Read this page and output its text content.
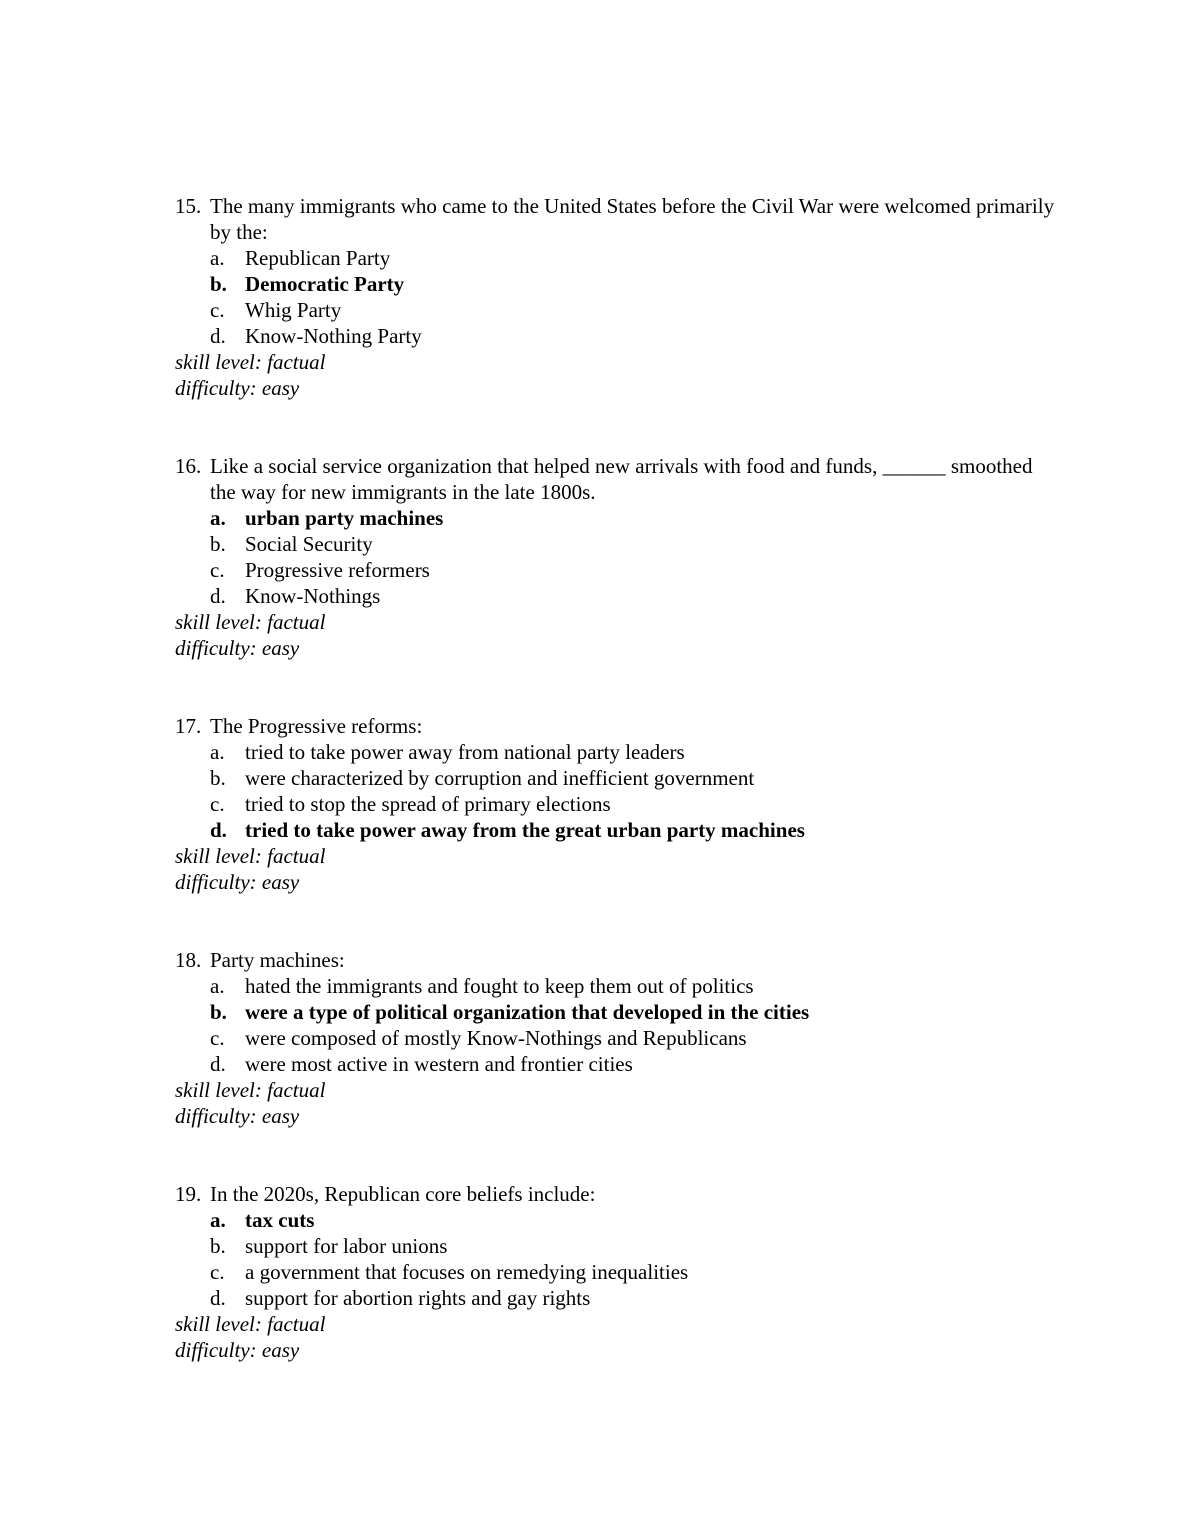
15. The many immigrants who came to the United States before the Civil War were welcomed primarily by the:
a. Republican Party
b. Democratic Party
c. Whig Party
d. Know-Nothing Party
skill level: factual
difficulty: easy
16. Like a social service organization that helped new arrivals with food and funds, ______ smoothed the way for new immigrants in the late 1800s.
a. urban party machines
b. Social Security
c. Progressive reformers
d. Know-Nothings
skill level: factual
difficulty: easy
17. The Progressive reforms:
a. tried to take power away from national party leaders
b. were characterized by corruption and inefficient government
c. tried to stop the spread of primary elections
d. tried to take power away from the great urban party machines
skill level: factual
difficulty: easy
18. Party machines:
a. hated the immigrants and fought to keep them out of politics
b. were a type of political organization that developed in the cities
c. were composed of mostly Know-Nothings and Republicans
d. were most active in western and frontier cities
skill level: factual
difficulty: easy
19. In the 2020s, Republican core beliefs include:
a. tax cuts
b. support for labor unions
c. a government that focuses on remedying inequalities
d. support for abortion rights and gay rights
skill level: factual
difficulty: easy
